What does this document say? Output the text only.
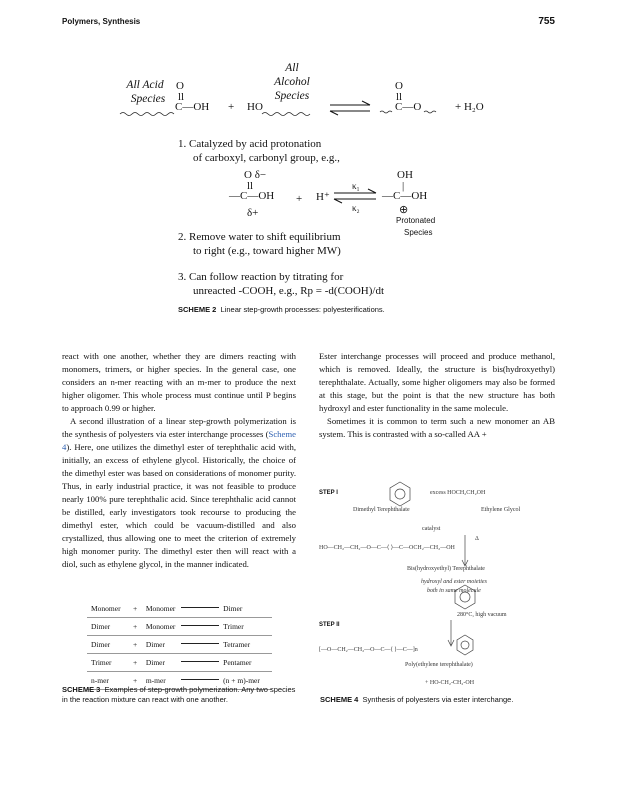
Polymers, Synthesis	755
All
Alcohol
Species
All Acid
Species
O
ll
C—OH + HO
O
ll
C—O	+ H₂O
1. Catalyzed by acid protonation
of carboxyl, carbonyl group, e.g.,
O δ−
ll
—C—OH
δ+
+ H⁺
κ₁
κ₂
OH
|
—C—OH
⊕
Protonated
Species
2. Remove water to shift equilibrium
to right (e.g., toward higher MW)
3. Can follow reaction by titrating for
unreacted -COOH, e.g., Rp = -d(COOH)/dt
SCHEME 2 Linear step-growth processes: polyesterifications.

react with one another, whether they are dimers reacting with monomers, trimers, or higher species. In the general case, one considers an n-mer reacting with an m-mer to produce the next higher oligomer. This whole process must continue until P begins to approach 0.99 or higher.

A second illustration of a linear step-growth polymerization is the synthesis of polyesters via ester interchange processes (Scheme 4). Here, one utilizes the dimethyl ester of terephthalic acid with, initially, an excess of ethylene glycol. Historically, the choice of the dimethyl ester was based on considerations of monomer purity. Thus, in early industrial practice, it was not feasible to produce nearly 100% pure terephthalic acid. Since terephthalic acid cannot be distilled, early investigators took recourse to producing the dimethyl ester, which could be vacuum-distilled and also crystallized, thus allowing one to meet the criterion of extremely high monomer purity. The dimethyl ester then will react with a diol, such as ethylene glycol, in the manner indicated.

Ester interchange processes will proceed and produce methanol, which is removed. Ideally, the structure is bis(hydroxyethyl) terephthalate. Actually, some higher oligomers may also be formed at this stage, but the point is that the new structure has both hydroxyl and ester functionality in the same molecule.

Sometimes it is common to term such a new monomer an AB system. This is contrasted with a so-called AA +

Monomer	+	Monomer	Dimer

Dimer	+	Monomer	Trimer

Dimer	+	Dimer	Tetramer

Trimer	+	Dimer	Pentamer

n-mer	+	m-mer	(n + m)-mer
SCHEME 3 Examples of step-growth polymerization. Any two species in the reaction mixture can react with one another.
STEP I	excess HOCH₂CH₂OH
Dimethyl Terephthalate	Ethylene Glycol
catalyst
Δ
HO—CH₂—CH₂—O—C—⟨ ⟩—C—OCH₂—CH₂—OH
Bis(hydroxyethyl) Terephthalate
hydroxyl and ester moieties
both in same molecule
STEP II
280°C, high vacuum
[—O—CH₂—CH₂—O—C—⟨ ⟩—C—]n
Poly(ethylene terephthalate)
+ HO-CH₂-CH₂-OH
SCHEME 4 Synthesis of polyesters via ester interchange.
